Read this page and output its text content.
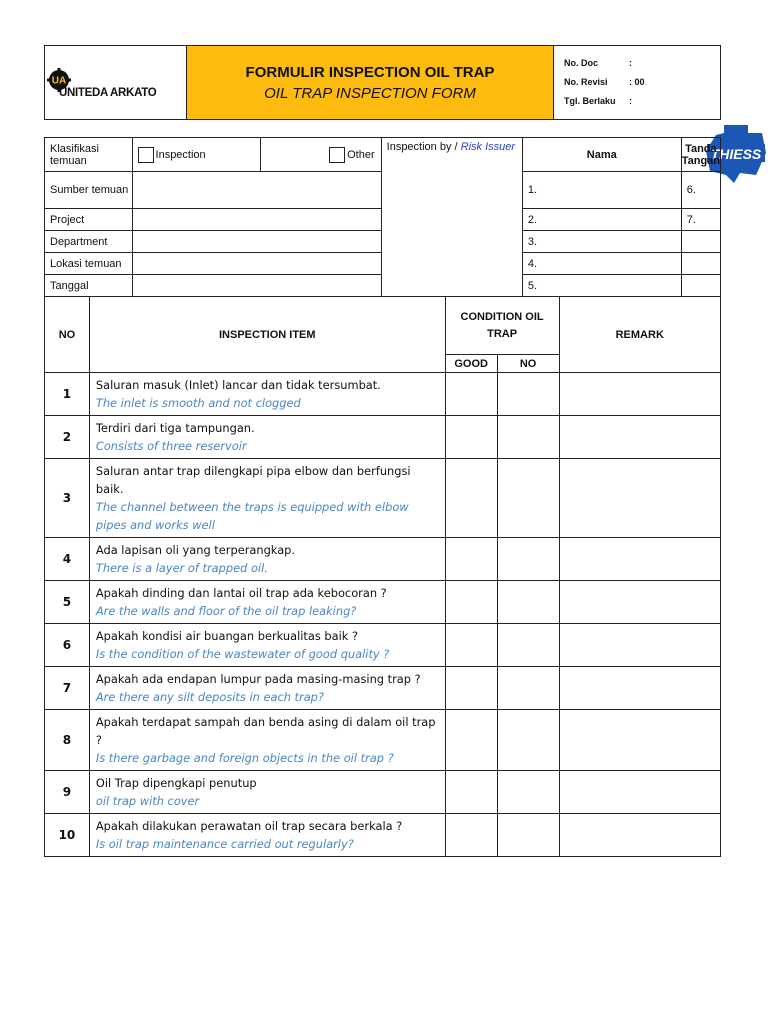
UA
UNITEDA ARKATO

FORMULIR INSPECTION OIL TRAP
OIL TRAP INSPECTION FORM

No. Doc	:
No. Revisi	: 00
Tgl. Berlaku	:
THIESS
Klasifikasi temuan	Inspection	Other	Inspection by / Risk Issuer	Nama	Tanda Tangan
Sumber temuan				1.	6.
Project				2.	7.
Department				3.	
Lokasi temuan				4.	
Tanggal				5.	
NO	INSPECTION ITEM	CONDITION OIL TRAP		REMARK
		GOOD	NO	
1	Saluran masuk (Inlet) lancar dan tidak tersumbat.
The inlet is smooth and not clogged			

2	Terdiri dari tiga tampungan.
Consists of three reservoir			

3	Saluran antar trap dilengkapi pipa elbow dan berfungsi baik.
The channel between the traps is equipped with elbow pipes and works well			

4	Ada lapisan oli yang terperangkap.
There is a layer of trapped oil.			

5	Apakah dinding dan lantai oil trap ada kebocoran ?
Are the walls and floor of the oil trap leaking?			

6	Apakah kondisi air buangan berkualitas baik ?
Is the condition of the wastewater of good quality ?			

7	Apakah ada endapan lumpur pada masing-masing trap ?
Are there any silt deposits in each trap?			

8	Apakah terdapat sampah dan benda asing di dalam oil trap ?
Is there garbage and foreign objects in the oil trap ?			

9	Oil Trap dipengkapi penutup
oil trap with cover			

10	Apakah dilakukan perawatan oil trap secara berkala ?
Is oil trap maintenance carried out regularly?			
